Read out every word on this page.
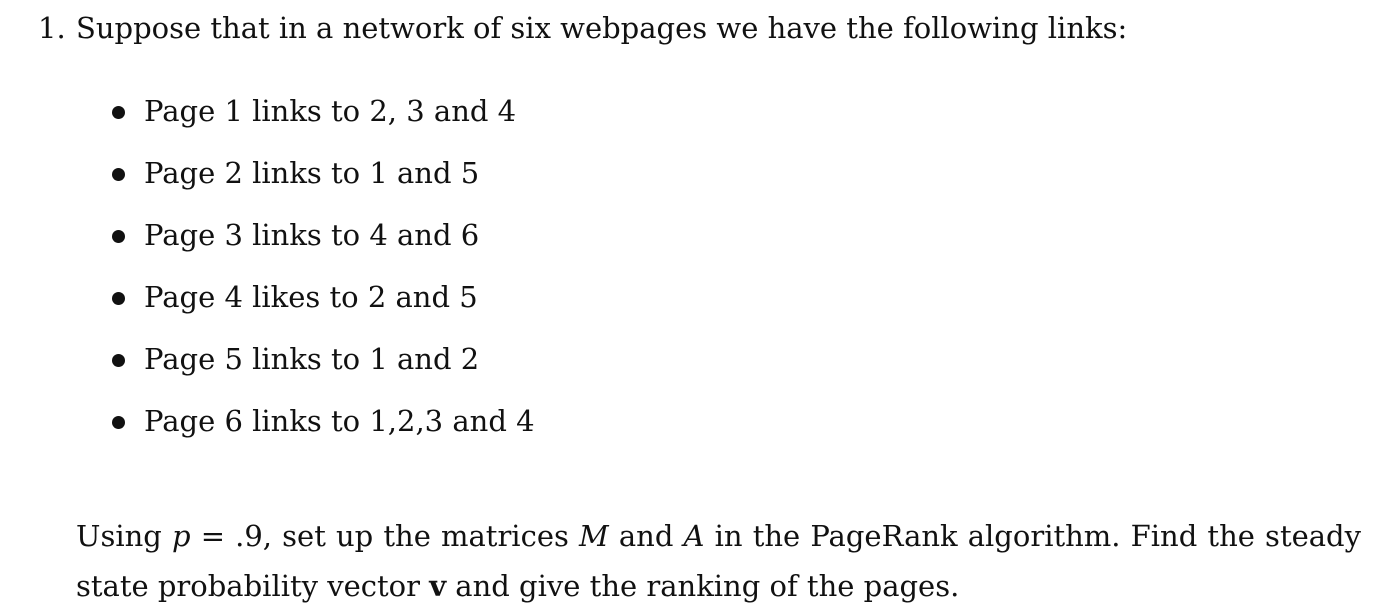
1. Suppose that in a network of six webpages we have the following links:
Page 1 links to 2, 3 and 4
Page 2 links to 1 and 5
Page 3 links to 4 and 6
Page 4 likes to 2 and 5
Page 5 links to 1 and 2
Page 6 links to 1,2,3 and 4

Using p = .9, set up the matrices M and A in the PageRank algorithm. Find the steady state probability vector v and give the ranking of the pages.
